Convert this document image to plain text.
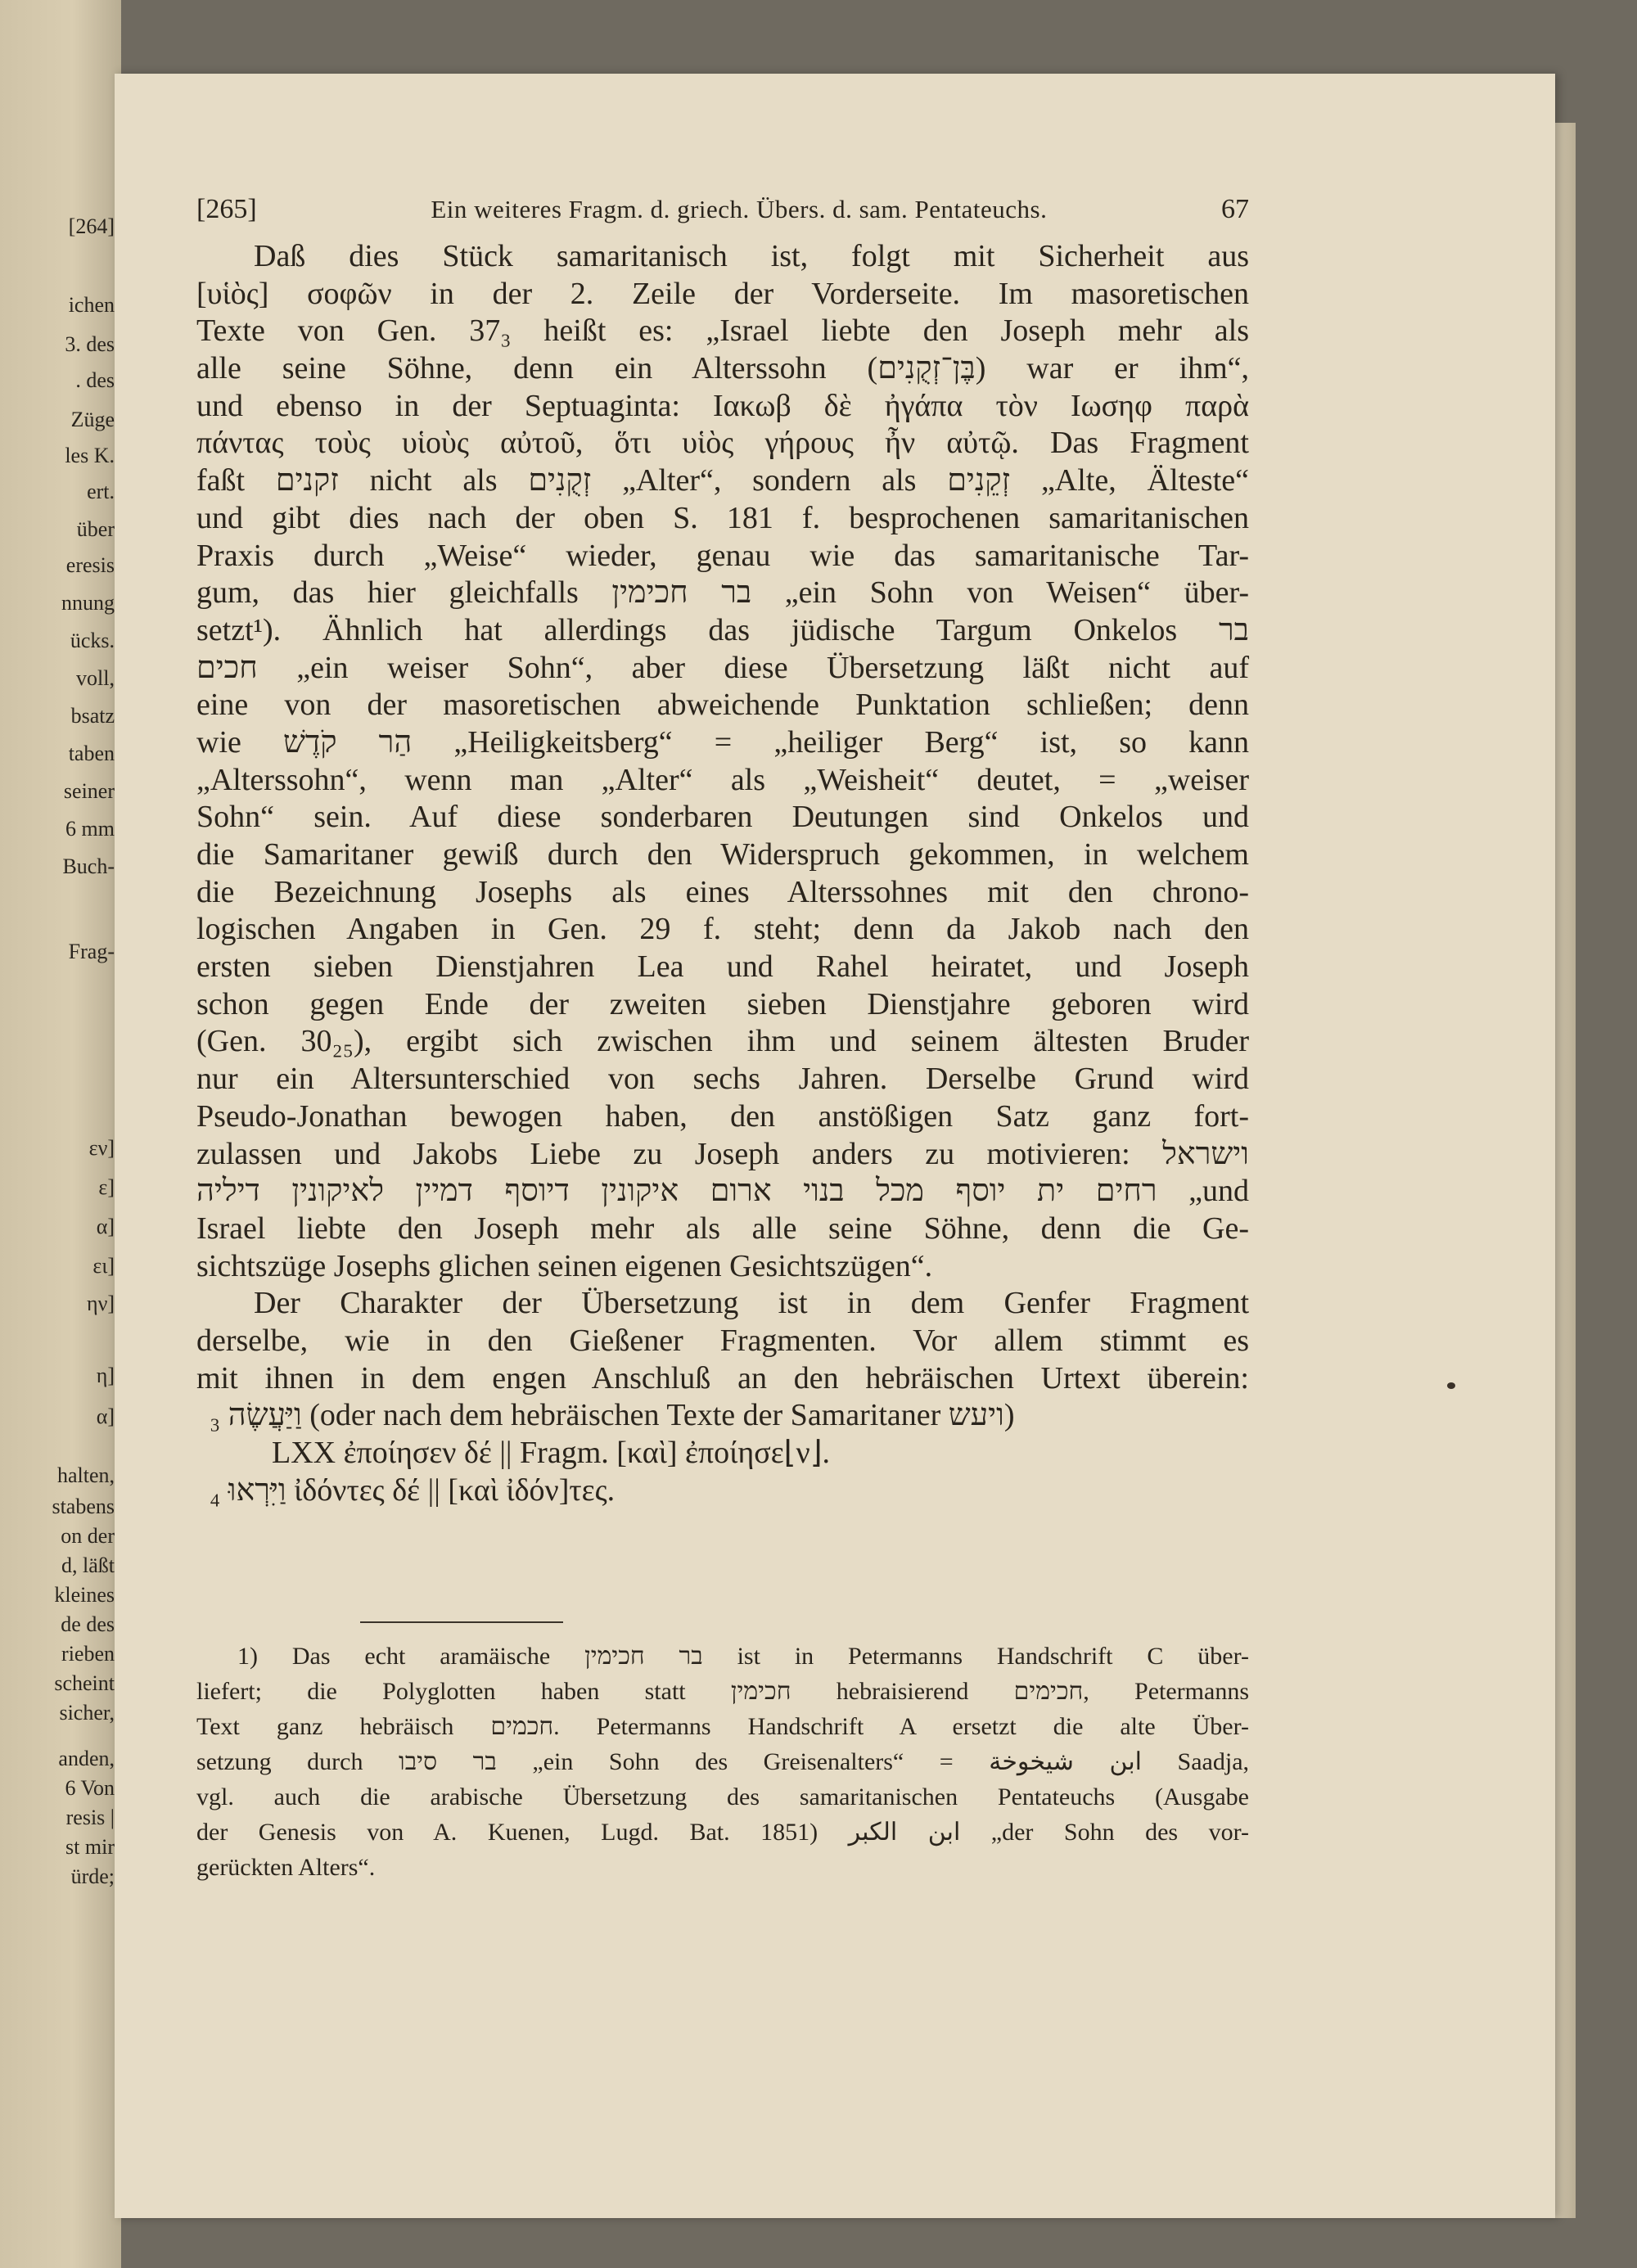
[264]
ichen
3. des
. des
Züge
les K.
ert.
über
eresis
nnung
ücks.
voll,
bsatz
taben
seiner
6 mm
Buch-
Frag-
εν]
ε]
α]
ει]
ην]
η]
α]
halten,
stabens
on der
d, läßt
kleines
de des
rieben
scheint
sicher,
anden,
6 Von
resis |
st mir
ürde;
[265]	Ein weiteres Fragm. d. griech. Übers. d. sam. Pentateuchs.	67
Daß dies Stück samaritanisch ist, folgt mit Sicherheit aus
[υἱὸς] σοφῶν in der 2. Zeile der Vorderseite. Im masoretischen
Texte von Gen. 37₃ heißt es: „Israel liebte den Joseph mehr als
alle seine Söhne, denn ein Alterssohn (בֶּן־זְקֻנִים) war er ihm“,
und ebenso in der Septuaginta: Ιακωβ δὲ ἠγάπα τὸν Ιωσηφ παρὰ
πάντας τοὺς υἱοὺς αὐτοῦ, ὅτι υἱὸς γήρους ἦν αὐτῷ. Das Fragment
faßt זקנים nicht als זְקֻנִים „Alter“, sondern als זְקֵנִים „Alte, Älteste“
und gibt dies nach der oben S. 181 f. besprochenen samaritanischen
Praxis durch „Weise“ wieder, genau wie das samaritanische Tar-
gum, das hier gleichfalls בר חכימין „ein Sohn von Weisen“ über-
setzt¹). Ähnlich hat allerdings das jüdische Targum Onkelos בר
חכים „ein weiser Sohn“, aber diese Übersetzung läßt nicht auf
eine von der masoretischen abweichende Punktation schließen; denn
wie הַר קֹדֶשׁ „Heiligkeitsberg“ = „heiliger Berg“ ist, so kann
„Alterssohn“, wenn man „Alter“ als „Weisheit“ deutet, = „weiser
Sohn“ sein. Auf diese sonderbaren Deutungen sind Onkelos und
die Samaritaner gewiß durch den Widerspruch gekommen, in welchem
die Bezeichnung Josephs als eines Alterssohnes mit den chrono-
logischen Angaben in Gen. 29 f. steht; denn da Jakob nach den
ersten sieben Dienstjahren Lea und Rahel heiratet, und Joseph
schon gegen Ende der zweiten sieben Dienstjahre geboren wird
(Gen. 30₂₅), ergibt sich zwischen ihm und seinem ältesten Bruder
nur ein Altersunterschied von sechs Jahren. Derselbe Grund wird
Pseudo-Jonathan bewogen haben, den anstößigen Satz ganz fort-
zulassen und Jakobs Liebe zu Joseph anders zu motivieren: וישראל
רחים ית יוסף מכל בנוי ארום איקונין דיוסף דמיין לאיקונין דיליה „und
Israel liebte den Joseph mehr als alle seine Söhne, denn die Ge-
sichtszüge Josephs glichen seinen eigenen Gesichtszügen“.
Der Charakter der Übersetzung ist in dem Genfer Fragment
derselbe, wie in den Gießener Fragmenten. Vor allem stimmt es
mit ihnen in dem engen Anschluß an den hebräischen Urtext überein:
₃ וַיַּעֲשֶׂה (oder nach dem hebräischen Texte der Samaritaner ויעש)
LXX ἐποίησεν δέ || Fragm. [καὶ] ἐποίησε⌊ν⌋.
₄ וַיִּרְאוּ ἰδόντες δέ || [καὶ ἰδόν]τες.
1) Das echt aramäische בר חכימין ist in Petermanns Handschrift C über-
liefert; die Polyglotten haben statt חכימין hebraisierend חכימים, Petermanns
Text ganz hebräisch חכמים. Petermanns Handschrift A ersetzt die alte Über-
setzung durch בר סיבו „ein Sohn des Greisenalters“ = ابن شيخوخة Saadja,
vgl. auch die arabische Übersetzung des samaritanischen Pentateuchs (Ausgabe
der Genesis von A. Kuenen, Lugd. Bat. 1851) ابن الكبر „der Sohn des vor-
gerückten Alters“.
